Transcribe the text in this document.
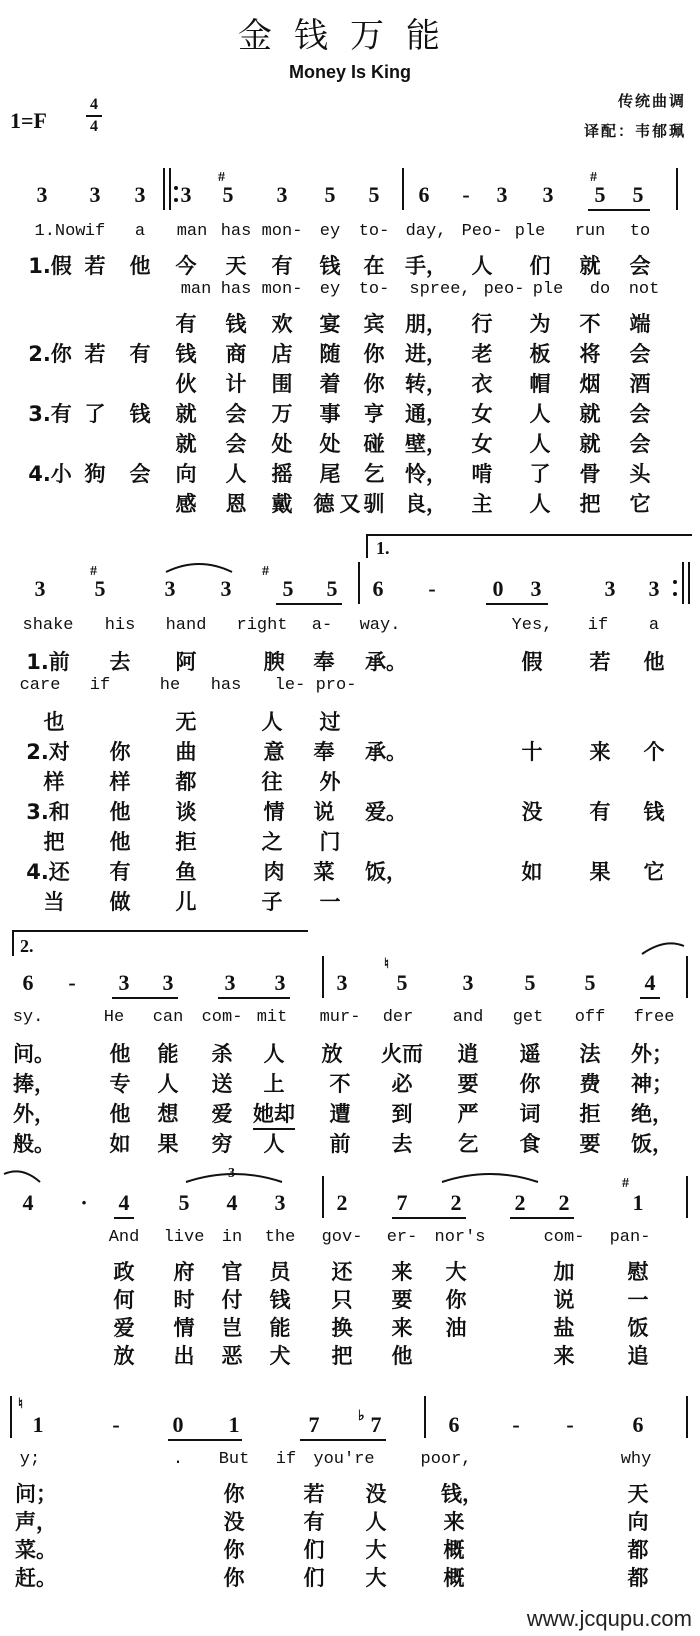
金钱万能
Money Is King
1=F
4
4
传统曲调
译配：韦郁珮
3 3 3 3 5 3 5 5 6 - 3 3 5 5
#	#
1.Now if a man has mon- ey to- day, Peo- ple run to
1.假 若 他 今 天 有 钱 在 手， 人 们 就 会
man has mon- ey to- spree, peo- ple do not
有 钱 欢 宴 宾 朋， 行 为 不 端
2.你 若 有 钱 商 店 随 你 进， 老 板 将 会
伙 计 围 着 你 转， 衣 帽 烟 酒
3.有 了 钱 就 会 万 事 亨 通， 女 人 就 会
就 会 处 处 碰 壁， 女 人 就 会
4.小 狗 会 向 人 摇 尾 乞 怜， 啃 了 骨 头
感 恩 戴 德 又 驯 良， 主 人 把 它
1.
3 5	3 3 5 5 6 -	0 3	3 3
#	#
shake his hand right a- way.	Yes, if a
1.前 去 阿	腴 奉 承。	假 若 他
care if	he has le- pro-
也	无	人 过
2.对 你 曲	意 奉 承。	十 来 个
样 样 都	往 外
3.和 他 谈	情 说 爱。	没 有 钱
把 他 拒	之 门
4.还 有 鱼	肉 菜 饭，	如 果 它
当 做 儿	子 一
2.
6 - 3 3 3 3 3 5	3 5 5 4
♮
sy.	He can com- mit mur- der and get off free
问。	他 能 杀 人 放 火而 逍 遥 法 外；
捧，	专 人 送 上 不 必 要 你 费 神；
外，	他 想 爱 她却 遭 到 严 词 拒 绝，
般。	如 果 穷 人 前 去 乞 食 要 饭，
3
4 · 4 5 4 3 2 7 2 2 2	1
#
And live in the gov- er- nor's	com- pan-
政 府 官 员 还 来 大	加	慰
何 时 付 钱 只 要 你	说	一
爱 情 岂 能 换 来 油	盐	饭
放 出 恶 犬 把 他	来	追
1	- 0 1	7 7	6 - -	6
♮
♭
y;	. But if you're	poor,	why
问；	你	若 没	钱，	天
声，	没	有 人	来	向
菜。	你	们 大	概	都
赶。	你	们 大	概	都
www.jcqupu.com
